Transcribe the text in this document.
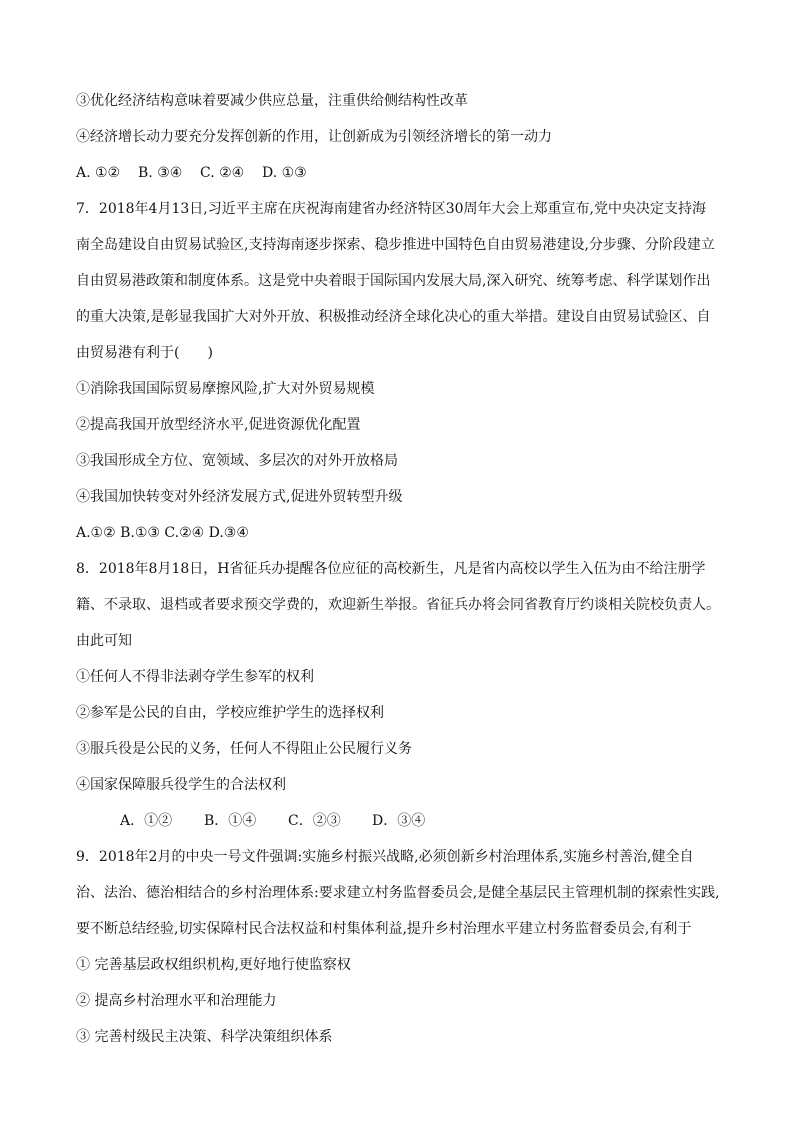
③优化经济结构意味着要减少供应总量，注重供给侧结构性改革
④经济增长动力要充分发挥创新的作用，让创新成为引领经济增长的第一动力
A. ①② B. ③④ C. ②④ D. ①③
7．2018年4月13日,习近平主席在庆祝海南建省办经济特区30周年大会上郑重宣布,党中央决定支持海
南全岛建设自由贸易试验区,支持海南逐步探索、稳步推进中国特色自由贸易港建设,分步骤、分阶段建立
自由贸易港政策和制度体系。这是党中央着眼于国际国内发展大局,深入研究、统筹考虑、科学谋划作出
的重大决策,是彰显我国扩大对外开放、积极推动经济全球化决心的重大举措。建设自由贸易试验区、自
由贸易港有利于(　　)
①消除我国国际贸易摩擦风险,扩大对外贸易规模
②提高我国开放型经济水平,促进资源优化配置
③我国形成全方位、宽领域、多层次的对外开放格局
④我国加快转变对外经济发展方式,促进外贸转型升级
A.①② B.①③ C.②④ D.③④
8．2018年8月18日，H省征兵办提醒各位应征的高校新生，凡是省内高校以学生入伍为由不给注册学
籍、不录取、退档或者要求预交学费的，欢迎新生举报。省征兵办将会同省教育厅约谈相关院校负责人。
由此可知
①任何人不得非法剥夺学生参军的权利
②参军是公民的自由，学校应维护学生的选择权利
③服兵役是公民的义务，任何人不得阻止公民履行义务
④国家保障服兵役学生的合法权利
A．①② B．①④ C．②③ D．③④
9．2018年2月的中央一号文件强调:实施乡村振兴战略,必须创新乡村治理体系,实施乡村善治,健全自
治、法治、德治相结合的乡村治理体系:要求建立村务监督委员会,是健全基层民主管理机制的探索性实践,
要不断总结经验,切实保障村民合法权益和村集体利益,提升乡村治理水平建立村务监督委员会,有利于
① 完善基层政权组织机构,更好地行使监察权
② 提高乡村治理水平和治理能力
③ 完善村级民主决策、科学决策组织体系
